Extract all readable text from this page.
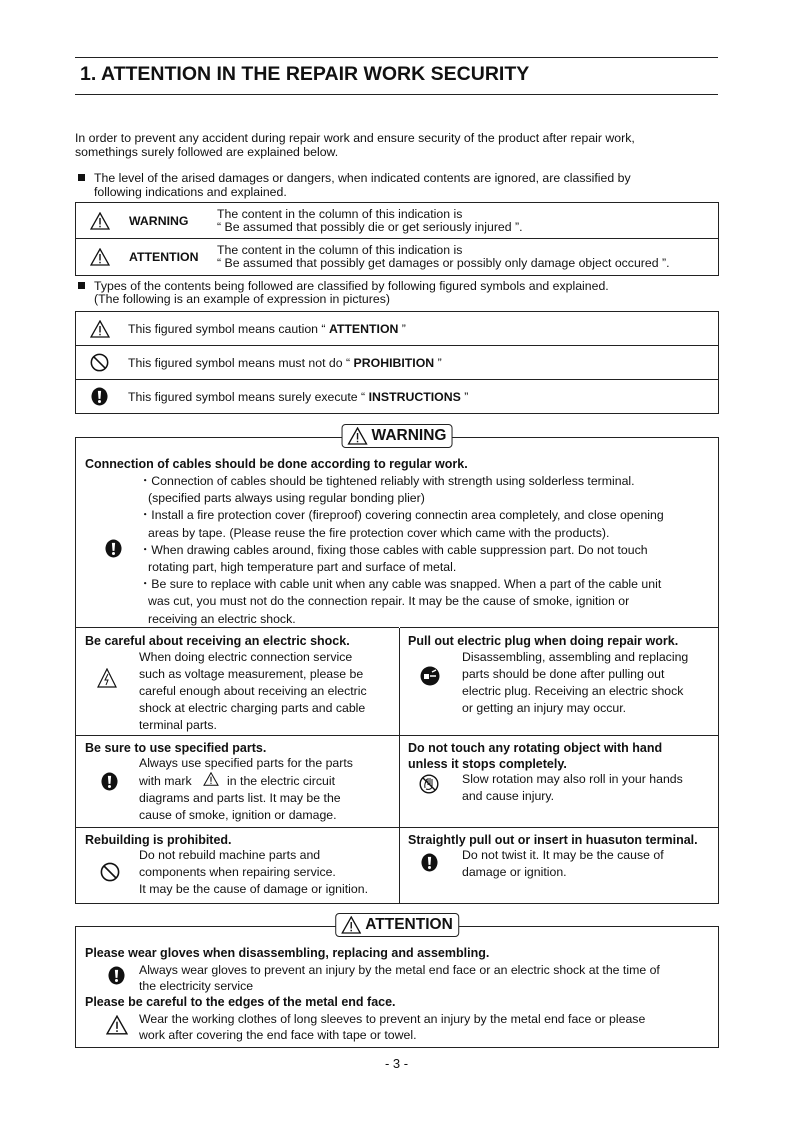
1. ATTENTION IN THE REPAIR WORK SECURITY
In order to prevent any accident during repair work and ensure security of the product after repair work,
somethings surely followed are explained below.
The level of the arised damages or dangers, when indicated contents are ignored, are classified by
following indications and explained.
WARNING	The content in the column of this indication is
“ Be assumed that possibly die or get seriously injured ”.
ATTENTION	The content in the column of this indication is
“ Be assumed that possibly get damages or possibly only damage object occured ”.
Types of the contents being followed are classified by following figured symbols and explained.
(The following is an example of expression in pictures)
This figured symbol means caution “ ATTENTION ”
This figured symbol means must not do “ PROHIBITION ”
This figured symbol means surely execute “ INSTRUCTIONS ”
WARNING
Connection of cables should be done according to regular work.
・Connection of cables should be tightened reliably with strength using solderless terminal.
(specified parts always using regular bonding plier)
・Install a fire protection cover (fireproof) covering connectin area completely, and close opening
areas by tape. (Please reuse the fire protection cover which came with the products).
・When drawing cables around, fixing those cables with cable suppression part. Do not touch
rotating part, high temperature part and surface of metal.
・Be sure to replace with cable unit when any cable was snapped. When a part of the cable unit
was cut, you must not do the connection repair. It may be the cause of smoke, ignition or
receiving an electric shock.
Be careful about receiving an electric shock.
When doing electric connection service
such as voltage measurement, please be
careful enough about receiving an electric
shock at electric charging parts and cable
terminal parts.
Pull out electric plug when doing repair work.
Disassembling, assembling and replacing
parts should be done after pulling out
electric plug. Receiving an electric shock
or getting an injury may occur.
Be sure to use specified parts.
Always use specified parts for the parts
with mark	in the electric circuit
diagrams and parts list. It may be the
cause of smoke, ignition or damage.
Do not touch any rotating object with hand
unless it stops completely.
Slow rotation may also roll in your hands
and cause injury.
Rebuilding is prohibited.
Do not rebuild machine parts and
components when repairing service.
It may be the cause of damage or ignition.
Straightly pull out or insert in huasuton terminal.
Do not twist it. It may be the cause of
damage or ignition.
ATTENTION
Please wear gloves when disassembling, replacing and assembling.
Always wear gloves to prevent an injury by the metal end face or an electric shock at the time of
the electricity service
Please be careful to the edges of the metal end face.
Wear the working clothes of long sleeves to prevent an injury by the metal end face or please
work after covering the end face with tape or towel.
- 3 -
